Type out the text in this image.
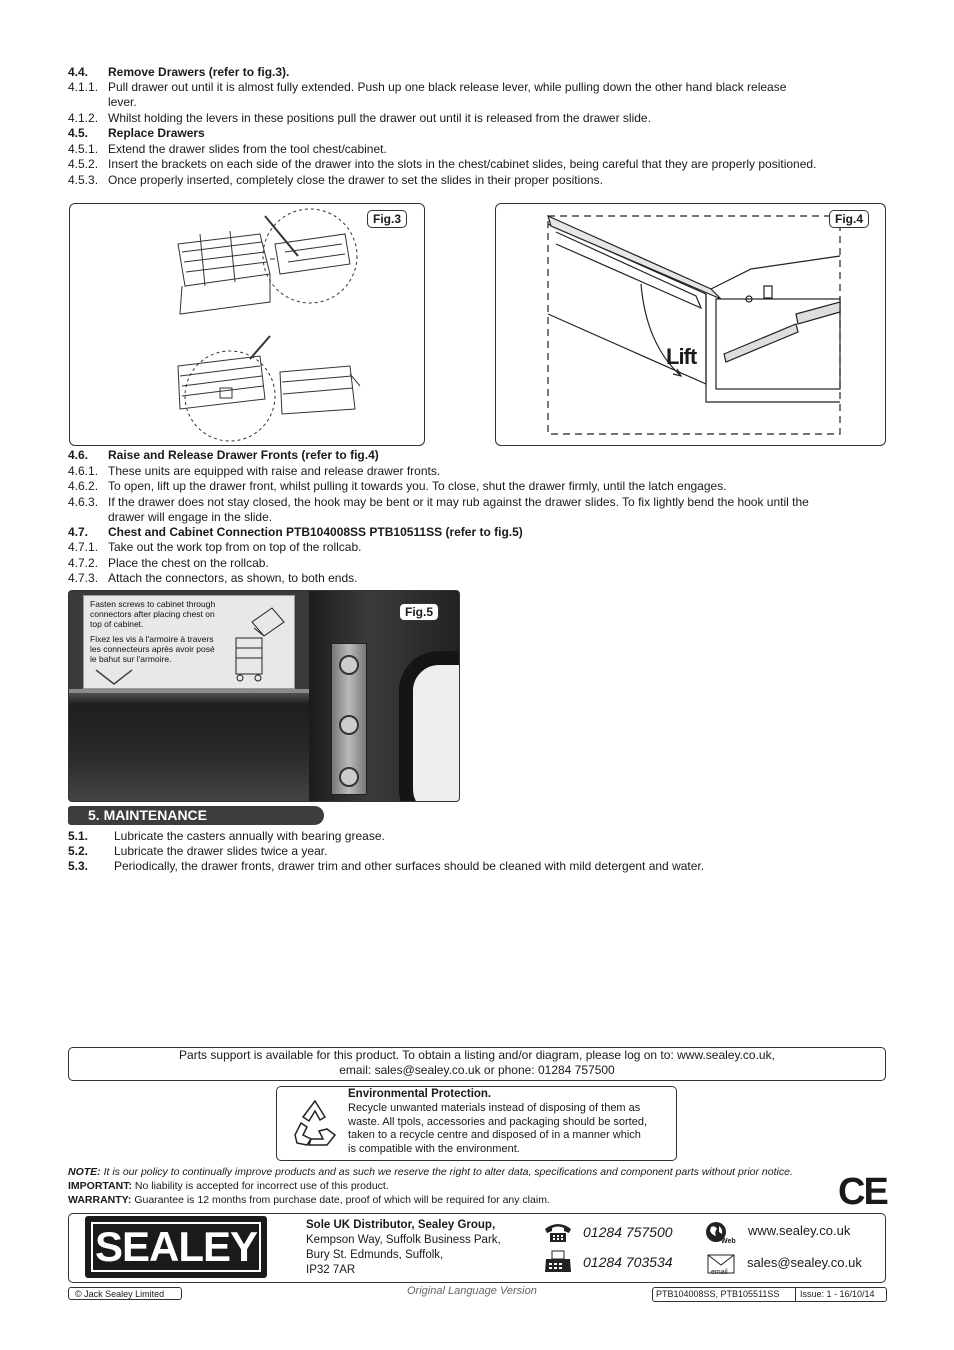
4.4. Remove Drawers (refer to fig.3).
4.1.1. Pull drawer out until it is almost fully extended. Push up one black release lever, while pulling down the other hand black release
lever.
4.1.2. Whilst holding the levers in these positions pull the drawer out until it is released from the drawer slide.
4.5. Replace Drawers
4.5.1. Extend the drawer slides from the tool chest/cabinet.
4.5.2. Insert the brackets on each side of the drawer into the slots in the chest/cabinet slides, being careful that they are properly positioned.
4.5.3. Once properly inserted, completely close the drawer to set the slides in their proper positions.
Fig.3
Lift
Fig.4
4.6. Raise and Release Drawer Fronts (refer to fig.4)
4.6.1. These units are equipped with raise and release drawer fronts.
4.6.2. To open, lift up the drawer front, whilst pulling it towards you. To close, shut the drawer firmly, until the latch engages.
4.6.3. If the drawer does not stay closed, the hook may be bent or it may rub against the drawer slides. To fix lightly bend the hook until the
drawer will engage in the slide.
4.7. Chest and Cabinet Connection PTB104008SS PTB10511SS (refer to fig.5)
4.7.1. Take out the work top from on top of the rollcab.
4.7.2. Place the chest on the rollcab.
4.7.3. Attach the connectors, as shown, to both ends.
Fasten screws to cabinet through
connectors after placing chest on
top of cabinet.
Fixez les vis à l'armoire à travers
les connecteurs après avoir posé
le bahut sur l'armoire.
Fig.5
5. MAINTENANCE
5.1. Lubricate the casters annually with bearing grease.
5.2. Lubricate the drawer slides twice a year.
5.3. Periodically, the drawer fronts, drawer trim and other surfaces should be cleaned with mild detergent and water.
Parts support is available for this product. To obtain a listing and/or diagram, please log on to: www.sealey.co.uk,
email: sales@sealey.co.uk or phone: 01284 757500
Environmental Protection.
Recycle unwanted materials instead of disposing of them as
waste. All tpols, accessories and packaging should be sorted,
taken to a recycle centre and disposed of in a manner which
is compatible with the environment.
NOTE: It is our policy to continually improve products and as such we reserve the right to alter data, specifications and component parts without prior notice.
IMPORTANT: No liability is accepted for incorrect use of this product.
WARRANTY: Guarantee is 12 months from purchase date, proof of which will be required for any claim.	CE
SEALEY	Sole UK Distributor, Sealey Group,
Kempson Way, Suffolk Business Park,
Bury St. Edmunds, Suffolk,
IP32 7AR
01284 757500
01284 703534
Web
email
www.sealey.co.uk
sales@sealey.co.uk
© Jack Sealey Limited	Original Language Version	PTB104008SS, PTB105511SS Issue: 1 - 16/10/14
